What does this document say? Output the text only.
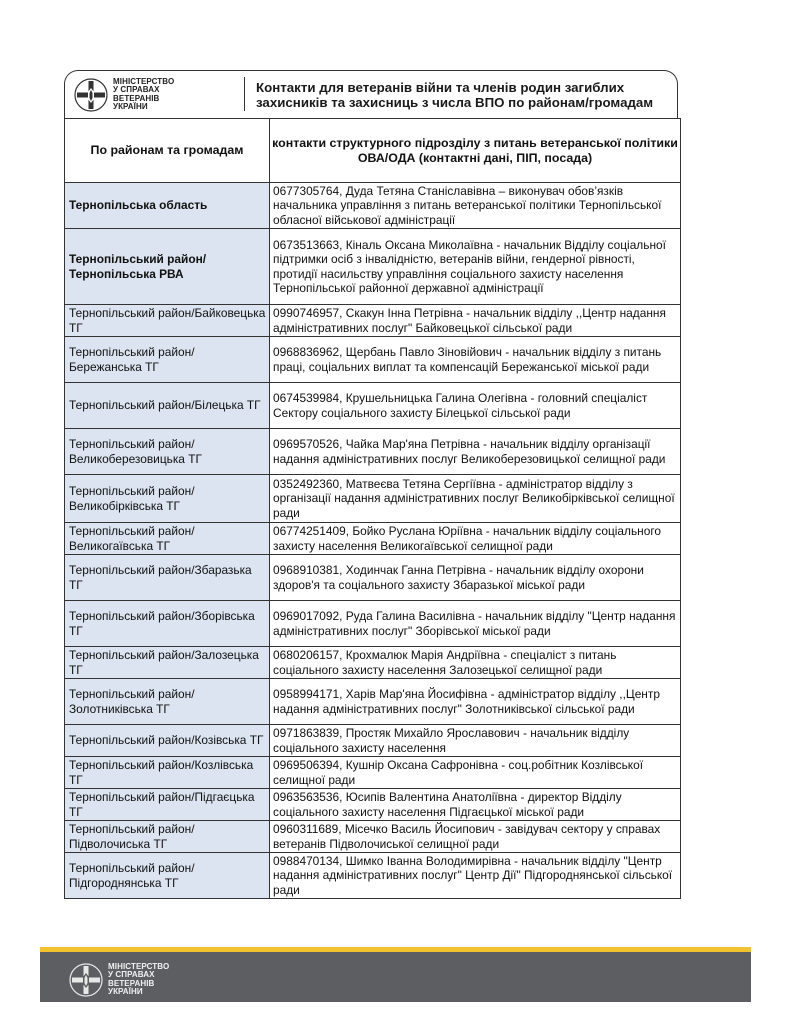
МІНІСТЕРСТВО
У СПРАВАХ
ВЕТЕРАНІВ
УКРАЇНИ
Контакти для ветеранів війни та членів родин загиблих захисників та захисниць з числа ВПО по районам/громадам
По районам та громадам	контакти структурного підрозділу з питань ветеранської політики ОВА/ОДА (контактні дані, ПІП, посада)
Тернопільська область	0677305764, Дуда Тетяна Станіславівна – виконувач обов’язків начальника управління з питань ветеранської політики Тернопільської обласної військової адміністрації
Тернопільський район/Тернопільська РВА	0673513663, Кіналь Оксана Миколаївна - начальник Відділу соціальної підтримки осіб з інвалідністю, ветеранів війни, гендерної рівності, протидії насильству управління соціального захисту населення Тернопільської районної державної адміністрації
Тернопільський район/Байковецька ТГ	0990746957, Скакун Інна Петрівна - начальник відділу ,,Центр надання адміністративних послуг" Байковецької сільської ради
Тернопільський район/Бережанська ТГ	0968836962, Щербань Павло Зіновійович - начальник відділу з питань праці, соціальних виплат та компенсацій Бережанської міської ради
Тернопільський район/Білецька ТГ	0674539984, Крушельницька Галина Олегівна - головний спеціаліст Сектору соціального захисту Білецької сільської ради
Тернопільський район/Великоберезовицька ТГ	0969570526, Чайка Мар'яна Петрівна - начальник відділу організації надання адміністративних послуг Великоберезовицької селищної ради
Тернопільський район/Великобірківська ТГ	0352492360, Матвеєва Тетяна Сергіївна - адміністратор відділу з організації надання адміністративних послуг Великобірківської селищної ради
Тернопільський район/Великогаївська ТГ	06774251409, Бойко Руслана Юріївна - начальник відділу соціального захисту населення Великогаївської селищної ради
Тернопільський район/Збаразька ТГ	0968910381, Ходинчак Ганна Петрівна - начальник відділу охорони здоров'я та соціального захисту Збаразької міської ради
Тернопільський район/Зборівська ТГ	0969017092, Руда Галина Василівна - начальник відділу "Центр надання адміністративних послуг" Зборівської міської ради
Тернопільський район/Залозецька ТГ	0680206157, Крохмалюк Марія Андріївна - спеціаліст з питань соціального захисту населення Залозецької селищної ради
Тернопільський район/Золотниківська ТГ	0958994171, Харів Мар'яна Йосифівна - адміністратор відділу ,,Центр надання адміністративних послуг" Золотниківської сільської ради
Тернопільський район/Козівська ТГ	0971863839, Простяк Михайло Ярославович - начальник відділу соціального захисту населення
Тернопільський район/Козлівська ТГ	0969506394, Кушнір Оксана Сафронівна - соц.робітник Козлівської селищної ради
Тернопільський район/Підгаєцька ТГ	0963563536, Юсипів Валентина Анатоліївна - директор Відділу соціального захисту населення Підгаєцької міської ради
Тернопільський район/Підволочиська ТГ	0960311689, Місечко Василь Йосипович - завідувач сектору у справах ветеранів Підволочиської селищної ради
Тернопільський район/Підгороднянська ТГ	0988470134, Шимко Іванна Володимирівна - начальник відділу "Центр надання адміністративних послуг" Центр Дії" Підгороднянської сільської ради
МІНІСТЕРСТВО
У СПРАВАХ
ВЕТЕРАНІВ
УКРАЇНИ
